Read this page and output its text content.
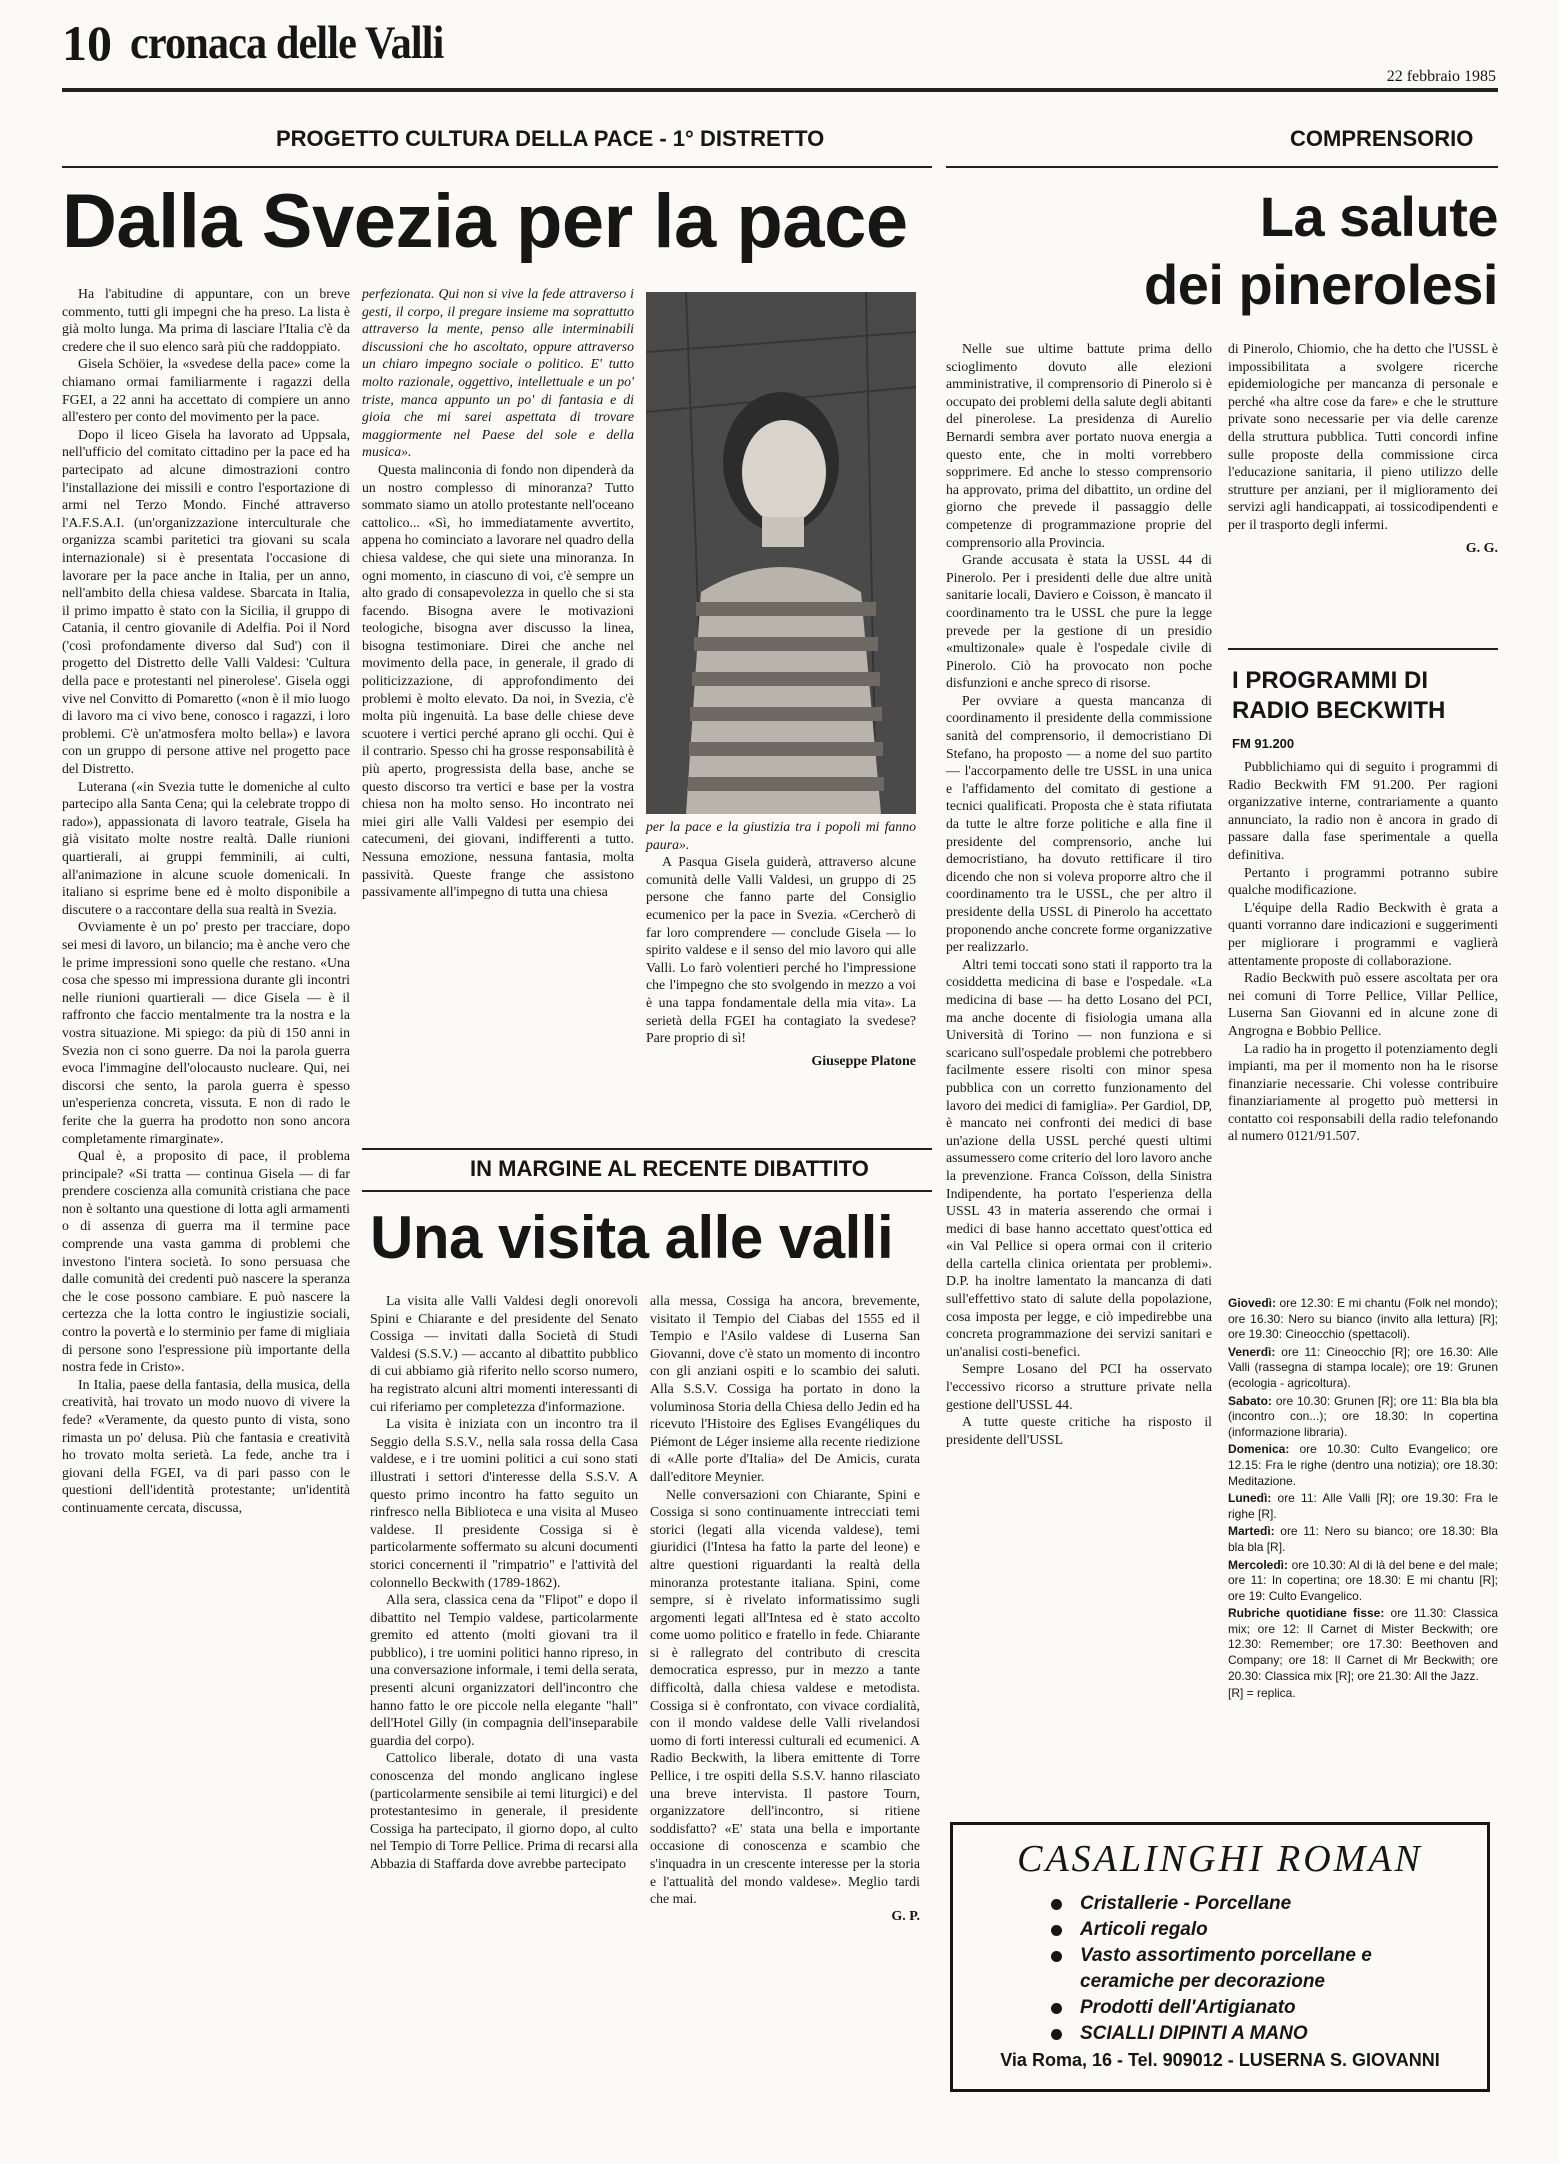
10 cronaca delle Valli
22 febbraio 1985
PROGETTO CULTURA DELLA PACE - 1° DISTRETTO
Dalla Svezia per la pace

Ha l'abitudine di appuntare, con un breve commento, tutti gli impegni che ha preso. La lista è già molto lunga. Ma prima di lasciare l'Italia c'è da credere che il suo elenco sarà più che raddoppiato.

Gisela Schöier, la «svedese della pace» come la chiamano ormai familiarmente i ragazzi della FGEI, a 22 anni ha accettato di compiere un anno all'estero per conto del movimento per la pace.

Dopo il liceo Gisela ha lavorato ad Uppsala, nell'ufficio del comitato cittadino per la pace ed ha partecipato ad alcune dimostrazioni contro l'installazione dei missili e contro l'esportazione di armi nel Terzo Mondo. Finché attraverso l'A.F.S.A.I. (un'organizzazione interculturale che organizza scambi paritetici tra giovani su scala internazionale) si è presentata l'occasione di lavorare per la pace anche in Italia, per un anno, nell'ambito della chiesa valdese. Sbarcata in Italia, il primo impatto è stato con la Sicilia, il gruppo di Catania, il centro giovanile di Adelfia. Poi il Nord ('così profondamente diverso dal Sud') con il progetto del Distretto delle Valli Valdesi: 'Cultura della pace e protestanti nel pinerolese'. Gisela oggi vive nel Convitto di Pomaretto («non è il mio luogo di lavoro ma ci vivo bene, conosco i ragazzi, i loro problemi. C'è un'atmosfera molto bella») e lavora con un gruppo di persone attive nel progetto pace del Distretto.

Luterana («in Svezia tutte le domeniche al culto partecipo alla Santa Cena; qui la celebrate troppo di rado»), appassionata di lavoro teatrale, Gisela ha già visitato molte nostre realtà. Dalle riunioni quartierali, ai gruppi femminili, ai culti, all'animazione in alcune scuole domenicali. In italiano si esprime bene ed è molto disponibile a discutere o a raccontare della sua realtà in Svezia.

Ovviamente è un po' presto per tracciare, dopo sei mesi di lavoro, un bilancio; ma è anche vero che le prime impressioni sono quelle che restano. «Una cosa che spesso mi impressiona durante gli incontri nelle riunioni quartierali — dice Gisela — è il raffronto che faccio mentalmente tra la nostra e la vostra situazione. Mi spiego: da più di 150 anni in Svezia non ci sono guerre. Da noi la parola guerra evoca l'immagine dell'olocausto nucleare. Qui, nei discorsi che sento, la parola guerra è spesso un'esperienza concreta, vissuta. E non di rado le ferite che la guerra ha prodotto non sono ancora completamente rimarginate».

Qual è, a proposito di pace, il problema principale? «Si tratta — continua Gisela — di far prendere coscienza alla comunità cristiana che pace non è soltanto una questione di lotta agli armamenti o di assenza di guerra ma il termine pace comprende una vasta gamma di problemi che investono l'intera società. Io sono persuasa che dalle comunità dei credenti può nascere la speranza che le cose possono cambiare. E può nascere la certezza che la lotta contro le ingiustizie sociali, contro la povertà e lo sterminio per fame di migliaia di persone sono l'espressione più importante della nostra fede in Cristo».

In Italia, paese della fantasia, della musica, della creatività, hai trovato un modo nuovo di vivere la fede? «Veramente, da questo punto di vista, sono rimasta un po' delusa. Più che fantasia e creatività ho trovato molta serietà. La fede, anche tra i giovani della FGEI, va di pari passo con le questioni dell'identità protestante; un'identità continuamente cercata, discussa,

perfezionata. Qui non si vive la fede attraverso i gesti, il corpo, il pregare insieme ma soprattutto attraverso la mente, penso alle interminabili discussioni che ho ascoltato, oppure attraverso un chiaro impegno sociale o politico. E' tutto molto razionale, oggettivo, intellettuale e un po' triste, manca appunto un po' di fantasia e di gioia che mi sarei aspettata di trovare maggiormente nel Paese del sole e della musica».

Questa malinconia di fondo non dipenderà da un nostro complesso di minoranza? Tutto sommato siamo un atollo protestante nell'oceano cattolico... «Sì, ho immediatamente avvertito, appena ho cominciato a lavorare nel quadro della chiesa valdese, che qui siete una minoranza. In ogni momento, in ciascuno di voi, c'è sempre un alto grado di consapevolezza in quello che si sta facendo. Bisogna avere le motivazioni teologiche, bisogna aver discusso la linea, bisogna testimoniare. Direi che anche nel movimento della pace, in generale, il grado di politicizzazione, di approfondimento dei problemi è molto elevato. Da noi, in Svezia, c'è molta più ingenuità. La base delle chiese deve scuotere i vertici perché aprano gli occhi. Qui è il contrario. Spesso chi ha grosse responsabilità è più aperto, progressista della base, anche se questo discorso tra vertici e base per la vostra chiesa non ha molto senso. Ho incontrato nei miei giri alle Valli Valdesi per esempio dei catecumeni, dei giovani, indifferenti a tutto. Nessuna emozione, nessuna fantasia, molta passività. Queste frange che assistono passivamente all'impegno di tutta una chiesa

per la pace e la giustizia tra i popoli mi fanno paura».

A Pasqua Gisela guiderà, attraverso alcune comunità delle Valli Valdesi, un gruppo di 25 persone che fanno parte del Consiglio ecumenico per la pace in Svezia. «Cercherò di far loro comprendere — conclude Gisela — lo spirito valdese e il senso del mio lavoro qui alle Valli. Lo farò volentieri perché ho l'impressione che l'impegno che sto svolgendo in mezzo a voi è una tappa fondamentale della mia vita». La serietà della FGEI ha contagiato la svedese? Pare proprio di sì!

Giuseppe Platone
IN MARGINE AL RECENTE DIBATTITO
Una visita alle valli

La visita alle Valli Valdesi degli onorevoli Spini e Chiarante e del presidente del Senato Cossiga — invitati dalla Società di Studi Valdesi (S.S.V.) — accanto al dibattito pubblico di cui abbiamo già riferito nello scorso numero, ha registrato alcuni altri momenti interessanti di cui riferiamo per completezza d'informazione.

La visita è iniziata con un incontro tra il Seggio della S.S.V., nella sala rossa della Casa valdese, e i tre uomini politici a cui sono stati illustrati i settori d'interesse della S.S.V. A questo primo incontro ha fatto seguito un rinfresco nella Biblioteca e una visita al Museo valdese. Il presidente Cossiga si è particolarmente soffermato su alcuni documenti storici concernenti il "rimpatrio" e l'attività del colonnello Beckwith (1789-1862).

Alla sera, classica cena da "Flipot" e dopo il dibattito nel Tempio valdese, particolarmente gremito ed attento (molti giovani tra il pubblico), i tre uomini politici hanno ripreso, in una conversazione informale, i temi della serata, presenti alcuni organizzatori dell'incontro che hanno fatto le ore piccole nella elegante "hall" dell'Hotel Gilly (in compagnia dell'inseparabile guardia del corpo).

Cattolico liberale, dotato di una vasta conoscenza del mondo anglicano inglese (particolarmente sensibile ai temi liturgici) e del protestantesimo in generale, il presidente Cossiga ha partecipato, il giorno dopo, al culto nel Tempio di Torre Pellice. Prima di recarsi alla Abbazia di Staffarda dove avrebbe partecipato

alla messa, Cossiga ha ancora, brevemente, visitato il Tempio del Ciabas del 1555 ed il Tempio e l'Asilo valdese di Luserna San Giovanni, dove c'è stato un momento di incontro con gli anziani ospiti e lo scambio dei saluti. Alla S.S.V. Cossiga ha portato in dono la voluminosa Storia della Chiesa dello Jedin ed ha ricevuto l'Histoire des Eglises Evangéliques du Piémont de Léger insieme alla recente riedizione di «Alle porte d'Italia» del De Amicis, curata dall'editore Meynier.

Nelle conversazioni con Chiarante, Spini e Cossiga si sono continuamente intrecciati temi storici (legati alla vicenda valdese), temi giuridici (l'Intesa ha fatto la parte del leone) e altre questioni riguardanti la realtà della minoranza protestante italiana. Spini, come sempre, si è rivelato informatissimo sugli argomenti legati all'Intesa ed è stato accolto come uomo politico e fratello in fede. Chiarante si è rallegrato del contributo di crescita democratica espresso, pur in mezzo a tante difficoltà, dalla chiesa valdese e metodista. Cossiga si è confrontato, con vivace cordialità, con il mondo valdese delle Valli rivelandosi uomo di forti interessi culturali ed ecumenici. A Radio Beckwith, la libera emittente di Torre Pellice, i tre ospiti della S.S.V. hanno rilasciato una breve intervista. Il pastore Tourn, organizzatore dell'incontro, si ritiene soddisfatto? «E' stata una bella e importante occasione di conoscenza e scambio che s'inquadra in un crescente interesse per la storia e l'attualità del mondo valdese». Meglio tardi che mai.

G. P.
COMPRENSORIO
La salute
dei pinerolesi

Nelle sue ultime battute prima dello scioglimento dovuto alle elezioni amministrative, il comprensorio di Pinerolo si è occupato dei problemi della salute degli abitanti del pinerolese. La presidenza di Aurelio Bernardi sembra aver portato nuova energia a questo ente, che in molti vorrebbero sopprimere. Ed anche lo stesso comprensorio ha approvato, prima del dibattito, un ordine del giorno che prevede il passaggio delle competenze di programmazione proprie del comprensorio alla Provincia.

Grande accusata è stata la USSL 44 di Pinerolo. Per i presidenti delle due altre unità sanitarie locali, Daviero e Coisson, è mancato il coordinamento tra le USSL che pure la legge prevede per la gestione di un presidio «multizonale» quale è l'ospedale civile di Pinerolo. Ciò ha provocato non poche disfunzioni e anche spreco di risorse.

Per ovviare a questa mancanza di coordinamento il presidente della commissione sanità del comprensorio, il democristiano Di Stefano, ha proposto — a nome del suo partito — l'accorpamento delle tre USSL in una unica e l'affidamento del comitato di gestione a tecnici qualificati. Proposta che è stata rifiutata da tutte le altre forze politiche e alla fine il presidente del comprensorio, anche lui democristiano, ha dovuto rettificare il tiro dicendo che non si voleva proporre altro che il coordinamento tra le USSL, che per altro il presidente della USSL di Pinerolo ha accettato proponendo anche concrete forme organizzative per realizzarlo.

Altri temi toccati sono stati il rapporto tra la cosiddetta medicina di base e l'ospedale. «La medicina di base — ha detto Losano del PCI, ma anche docente di fisiologia umana alla Università di Torino — non funziona e si scaricano sull'ospedale problemi che potrebbero facilmente essere risolti con minor spesa pubblica con un corretto funzionamento del lavoro dei medici di famiglia». Per Gardiol, DP, è mancato nei confronti dei medici di base un'azione della USSL perché questi ultimi assumessero come criterio del loro lavoro anche la prevenzione. Franca Coïsson, della Sinistra Indipendente, ha portato l'esperienza della USSL 43 in materia asserendo che ormai i medici di base hanno accettato quest'ottica ed «in Val Pellice si opera ormai con il criterio della cartella clinica orientata per problemi». D.P. ha inoltre lamentato la mancanza di dati sull'effettivo stato di salute della popolazione, cosa imposta per legge, e ciò impedirebbe una concreta programmazione dei servizi sanitari e un'analisi costi-benefici.

Sempre Losano del PCI ha osservato l'eccessivo ricorso a strutture private nella gestione dell'USSL 44.

A tutte queste critiche ha risposto il presidente dell'USSL

di Pinerolo, Chiomio, che ha detto che l'USSL è impossibilitata a svolgere ricerche epidemiologiche per mancanza di personale e perché «ha altre cose da fare» e che le strutture private sono necessarie per via delle carenze della struttura pubblica. Tutti concordi infine sulle proposte della commissione circa l'educazione sanitaria, il pieno utilizzo delle strutture per anziani, per il miglioramento dei servizi agli handicappati, ai tossicodipendenti e per il trasporto degli infermi.

G. G.
I PROGRAMMI DI
RADIO BECKWITH
FM 91.200

Pubblichiamo qui di seguito i programmi di Radio Beckwith FM 91.200. Per ragioni organizzative interne, contrariamente a quanto annunciato, la radio non è ancora in grado di passare dalla fase sperimentale a quella definitiva.

Pertanto i programmi potranno subire qualche modificazione.

L'équipe della Radio Beckwith è grata a quanti vorranno dare indicazioni e suggerimenti per migliorare i programmi e vaglierà attentamente proposte di collaborazione.

Radio Beckwith può essere ascoltata per ora nei comuni di Torre Pellice, Villar Pellice, Luserna San Giovanni ed in alcune zone di Angrogna e Bobbio Pellice.

La radio ha in progetto il potenziamento degli impianti, ma per il momento non ha le risorse finanziarie necessarie. Chi volesse contribuire finanziariamente al progetto può mettersi in contatto coi responsabili della radio telefonando al numero 0121/91.507.

Giovedì: ore 12.30: E mi chantu (Folk nel mondo); ore 16.30: Nero su bianco (invito alla lettura) [R]; ore 19.30: Cineocchio (spettacoli).

Venerdì: ore 11: Cineocchio [R]; ore 16.30: Alle Valli (rassegna di stampa locale); ore 19: Grunen (ecologia - agricoltura).

Sabato: ore 10.30: Grunen [R]; ore 11: Bla bla bla (incontro con...); ore 18.30: In copertina (informazione libraria).

Domenica: ore 10.30: Culto Evangelico; ore 12.15: Fra le righe (dentro una notizia); ore 18.30: Meditazione.

Lunedì: ore 11: Alle Valli [R]; ore 19.30: Fra le righe [R].

Martedì: ore 11: Nero su bianco; ore 18.30: Bla bla bla [R].

Mercoledì: ore 10.30: Al di là del bene e del male; ore 11: In copertina; ore 18.30: E mi chantu [R]; ore 19: Culto Evangelico.

Rubriche quotidiane fisse: ore 11.30: Classica mix; ore 12: Il Carnet di Mister Beckwith; ore 12.30: Remember; ore 17.30: Beethoven and Company; ore 18: Il Carnet di Mr Beckwith; ore 20.30: Classica mix [R]; ore 21.30: All the Jazz.

[R] = replica.

CASALINGHI ROMAN
Cristallerie - Porcellane
Articoli regalo
Vasto assortimento porcellane e
ceramiche per decorazione
Prodotti dell'Artigianato
SCIALLI DIPINTI A MANO
Via Roma, 16 - Tel. 909012 - LUSERNA S. GIOVANNI
